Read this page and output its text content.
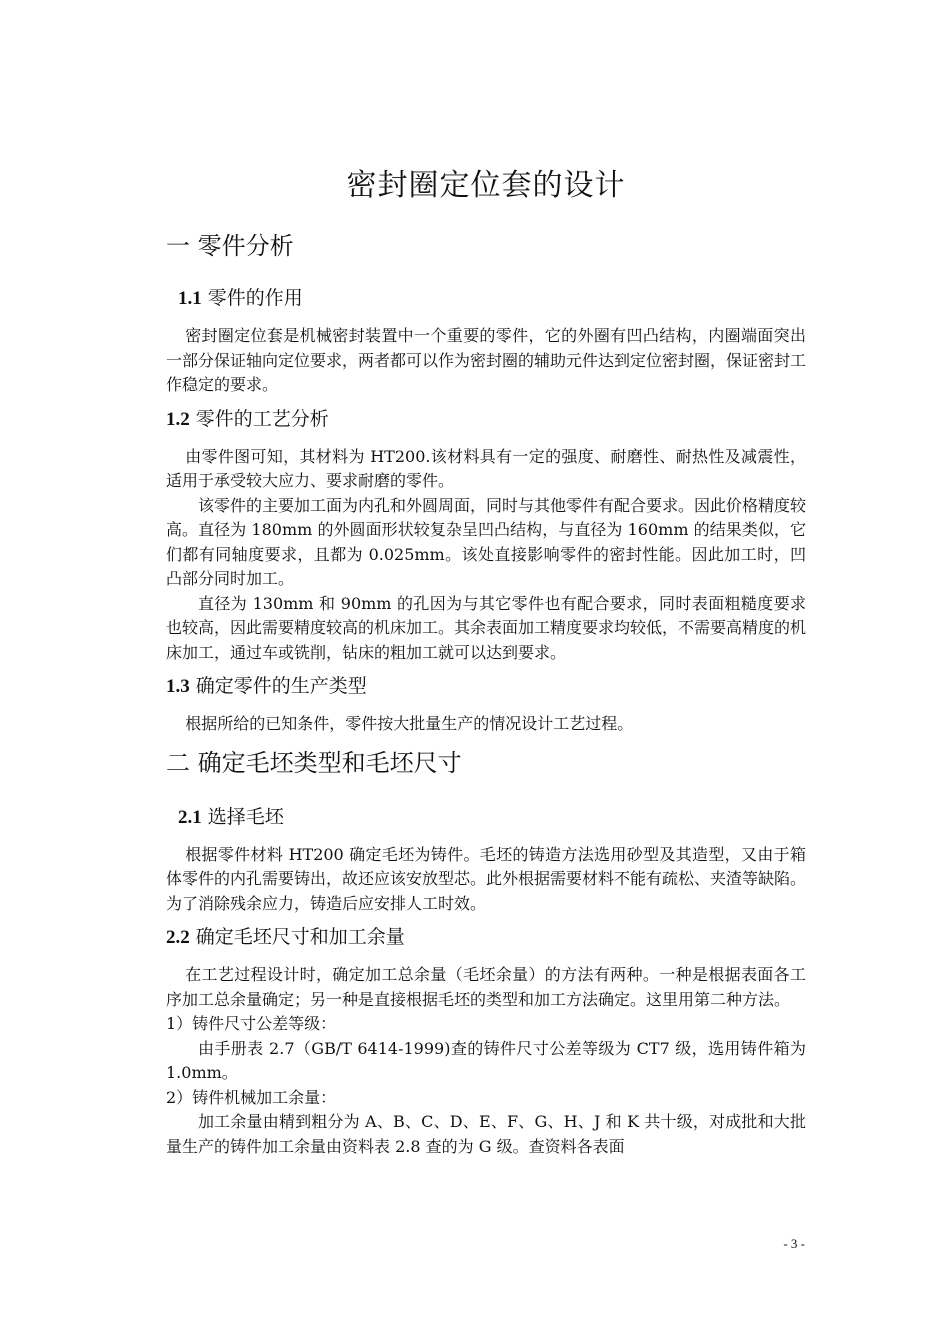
密封圈定位套的设计
一 零件分析
1.1 零件的作用

密封圈定位套是机械密封装置中一个重要的零件，它的外圈有凹凸结构，内圈端面突出一部分保证轴向定位要求，两者都可以作为密封圈的辅助元件达到定位密封圈，保证密封工作稳定的要求。

1.2 零件的工艺分析

由零件图可知，其材料为 HT200.该材料具有一定的强度、耐磨性、耐热性及减震性，适用于承受较大应力、要求耐磨的零件。

该零件的主要加工面为内孔和外圆周面，同时与其他零件有配合要求。因此价格精度较高。直径为 180mm 的外圆面形状较复杂呈凹凸结构，与直径为 160mm 的结果类似，它们都有同轴度要求，且都为 0.025mm。该处直接影响零件的密封性能。因此加工时，凹凸部分同时加工。

直径为 130mm 和 90mm 的孔因为与其它零件也有配合要求，同时表面粗糙度要求也较高，因此需要精度较高的机床加工。其余表面加工精度要求均较低，不需要高精度的机床加工，通过车或铣削，钻床的粗加工就可以达到要求。

1.3 确定零件的生产类型

根据所给的已知条件，零件按大批量生产的情况设计工艺过程。

二 确定毛坯类型和毛坯尺寸
2.1 选择毛坯

根据零件材料 HT200 确定毛坯为铸件。毛坯的铸造方法选用砂型及其造型，又由于箱体零件的内孔需要铸出，故还应该安放型芯。此外根据需要材料不能有疏松、夹渣等缺陷。为了消除残余应力，铸造后应安排人工时效。

2.2 确定毛坯尺寸和加工余量

在工艺过程设计时，确定加工总余量（毛坯余量）的方法有两种。一种是根据表面各工序加工总余量确定；另一种是直接根据毛坯的类型和加工方法确定。这里用第二种方法。

1）铸件尺寸公差等级：

由手册表 2.7（GB/T 6414-1999)查的铸件尺寸公差等级为 CT7 级，选用铸件箱为 1.0mm。

2）铸件机械加工余量：

加工余量由精到粗分为 A、B、C、D、E、F、G、H、J 和 K 共十级，对成批和大批量生产的铸件加工余量由资料表 2.8 查的为 G 级。查资料各表面

- 3 -
